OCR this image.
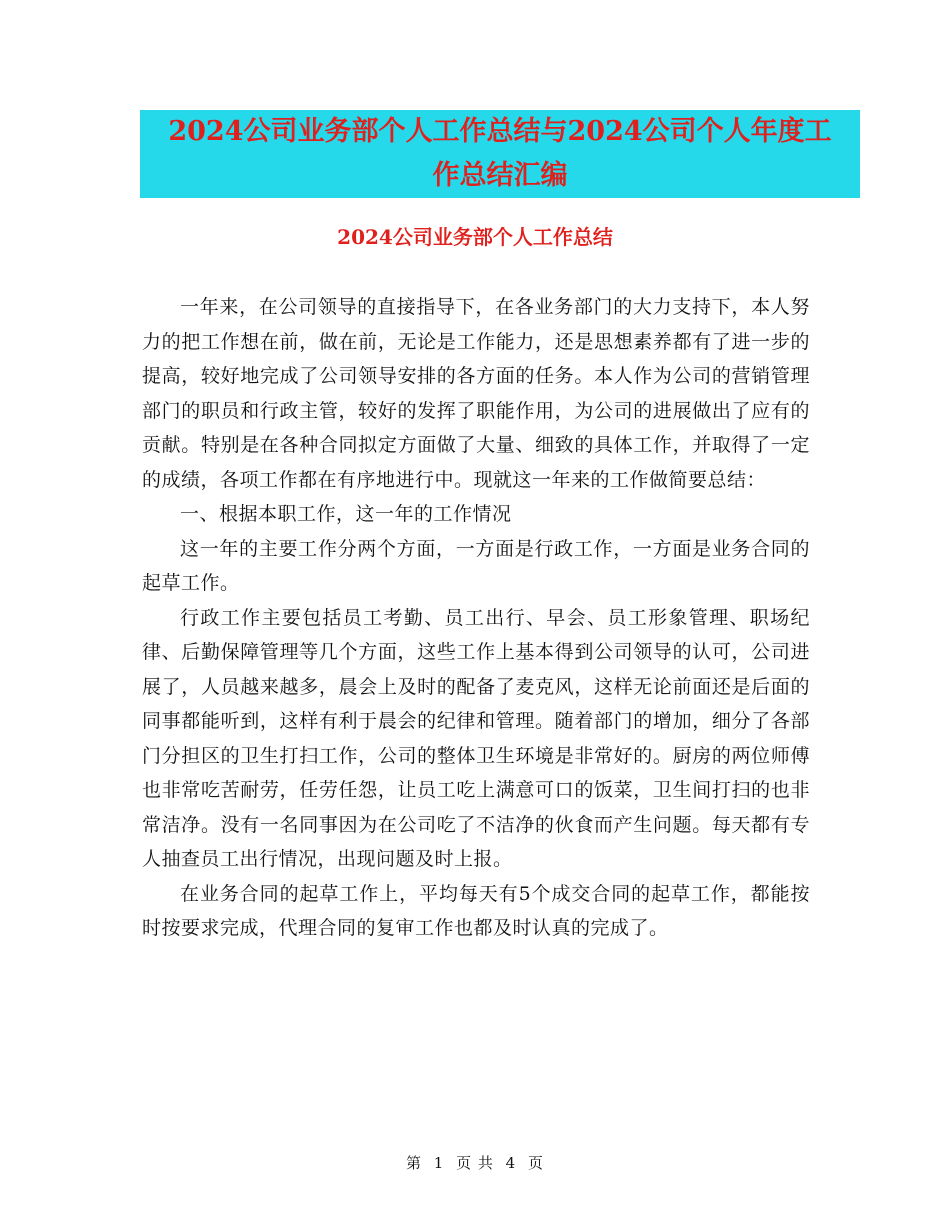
2024公司业务部个人工作总结与2024公司个人年度工
作总结汇编
2024公司业务部个人工作总结

一年来，在公司领导的直接指导下，在各业务部门的大力支持下，本人努力的把工作想在前，做在前，无论是工作能力，还是思想素养都有了进一步的提高，较好地完成了公司领导安排的各方面的任务。本人作为公司的营销管理部门的职员和行政主管，较好的发挥了职能作用，为公司的进展做出了应有的贡献。特别是在各种合同拟定方面做了大量、细致的具体工作，并取得了一定的成绩，各项工作都在有序地进行中。现就这一年来的工作做简要总结：

一、根据本职工作，这一年的工作情况

这一年的主要工作分两个方面，一方面是行政工作，一方面是业务合同的起草工作。

行政工作主要包括员工考勤、员工出行、早会、员工形象管理、职场纪律、后勤保障管理等几个方面，这些工作上基本得到公司领导的认可，公司进展了，人员越来越多，晨会上及时的配备了麦克风，这样无论前面还是后面的同事都能听到，这样有利于晨会的纪律和管理。随着部门的增加，细分了各部门分担区的卫生打扫工作，公司的整体卫生环境是非常好的。厨房的两位师傅也非常吃苦耐劳，任劳任怨，让员工吃上满意可口的饭菜，卫生间打扫的也非常洁净。没有一名同事因为在公司吃了不洁净的伙食而产生问题。每天都有专人抽查员工出行情况，出现问题及时上报。

在业务合同的起草工作上，平均每天有5个成交合同的起草工作，都能按时按要求完成，代理合同的复审工作也都及时认真的完成了。

第 1 页 共 4 页
